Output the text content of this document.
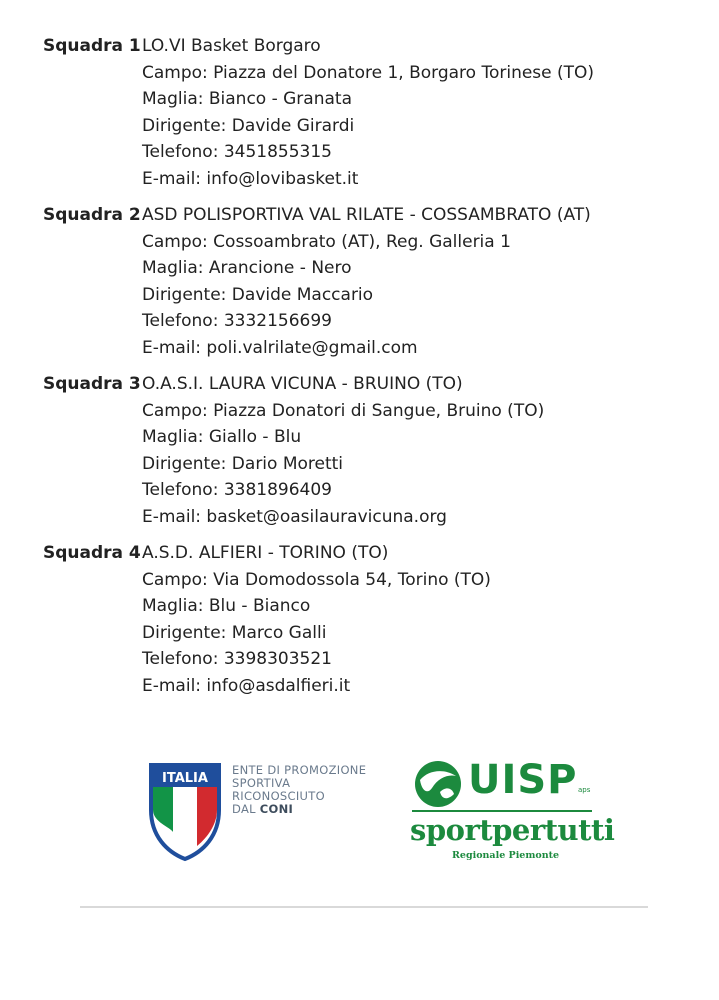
Squadra 1LO.VI Basket Borgaro
Campo: Piazza del Donatore 1, Borgaro Torinese (TO)
Maglia: Bianco - Granata
Dirigente: Davide Girardi
Telefono: 3451855315
E-mail: info@lovibasket.it
Squadra 2ASD POLISPORTIVA VAL RILATE - COSSAMBRATO (AT)
Campo: Cossoambrato (AT), Reg. Galleria 1
Maglia: Arancione - Nero
Dirigente: Davide Maccario
Telefono: 3332156699
E-mail: poli.valrilate@gmail.com
Squadra 3O.A.S.I. LAURA VICUNA - BRUINO (TO)
Campo: Piazza Donatori di Sangue, Bruino (TO)
Maglia: Giallo - Blu
Dirigente: Dario Moretti
Telefono: 3381896409
E-mail: basket@oasilauravicuna.org
Squadra 4A.S.D. ALFIERI - TORINO (TO)
Campo: Via Domodossola 54, Torino (TO)
Maglia: Blu - Bianco
Dirigente: Marco Galli
Telefono: 3398303521
E-mail: info@asdalfieri.it
ITALIA
ENTE DI PROMOZIONE
SPORTIVA
RICONOSCIUTO
DAL CONI
UISP aps
sportpertutti
Regionale Piemonte
